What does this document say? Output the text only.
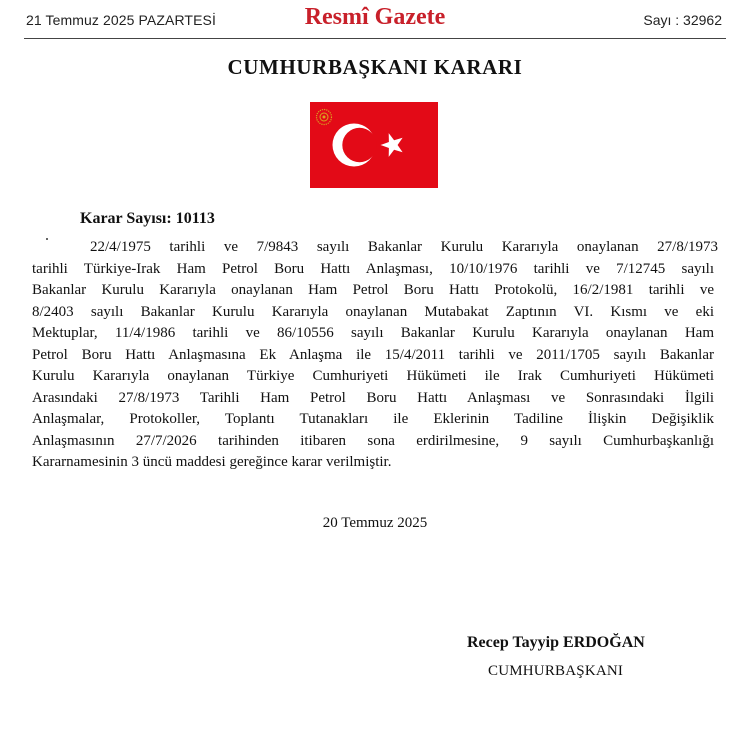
21 Temmuz 2025 PAZARTESİ	Resmî Gazete	Sayı : 32962
CUMHURBAŞKANI KARARI
Karar Sayısı: 10113
22/4/1975 tarihli ve 7/9843 sayılı Bakanlar Kurulu Kararıyla onaylanan 27/8/1973
tarihli Türkiye-Irak Ham Petrol Boru Hattı Anlaşması, 10/10/1976 tarihli ve 7/12745 sayılı
Bakanlar Kurulu Kararıyla onaylanan Ham Petrol Boru Hattı Protokolü, 16/2/1981 tarihli ve
8/2403 sayılı Bakanlar Kurulu Kararıyla onaylanan Mutabakat Zaptının VI. Kısmı ve eki
Mektuplar, 11/4/1986 tarihli ve 86/10556 sayılı Bakanlar Kurulu Kararıyla onaylanan Ham
Petrol Boru Hattı Anlaşmasına Ek Anlaşma ile 15/4/2011 tarihli ve 2011/1705 sayılı Bakanlar
Kurulu Kararıyla onaylanan Türkiye Cumhuriyeti Hükümeti ile Irak Cumhuriyeti Hükümeti
Arasındaki 27/8/1973 Tarihli Ham Petrol Boru Hattı Anlaşması ve Sonrasındaki İlgili
Anlaşmalar, Protokoller, Toplantı Tutanakları ile Eklerinin Tadiline İlişkin Değişiklik
Anlaşmasının 27/7/2026 tarihinden itibaren sona erdirilmesine, 9 sayılı Cumhurbaşkanlığı
Kararnamesinin 3 üncü maddesi gereğince karar verilmiştir.
20 Temmuz 2025
Recep Tayyip ERDOĞAN
CUMHURBAŞKANI
